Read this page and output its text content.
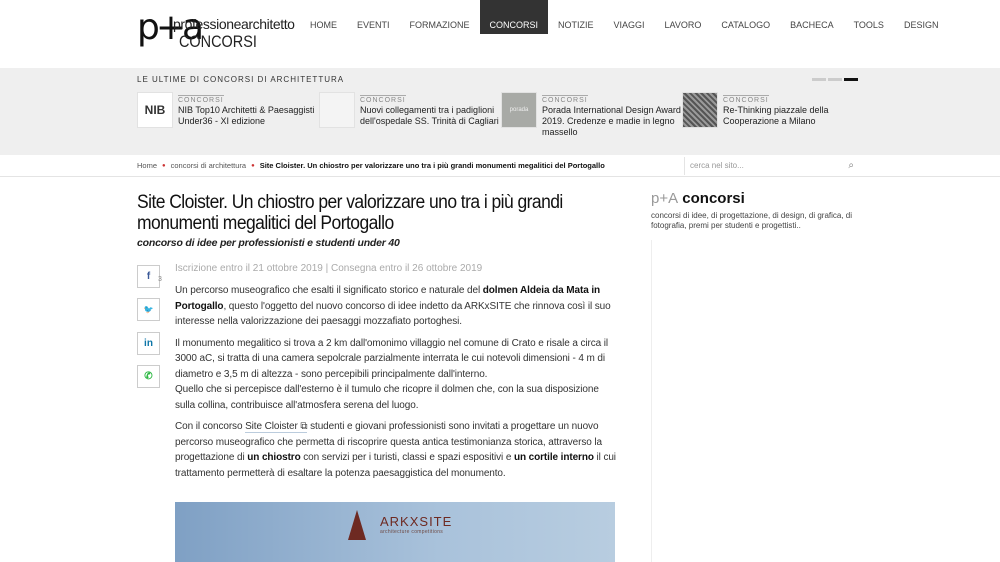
p+a
professionearchitetto
CONCORSI
HOME	EVENTI	FORMAZIONE	CONCORSI	NOTIZIE	VIAGGI	LAVORO	CATALOGO	BACHECA	TOOLS	DESIGN
LE ULTIME DI CONCORSI DI ARCHITETTURA
NIB
CONCORSI
NIB Top10 Architetti & Paesaggisti Under36 - XI edizione
CONCORSI
Nuovi collegamenti tra i padiglioni dell'ospedale SS. Trinità di Cagliari
porada
CONCORSI
Porada International Design Award 2019. Credenze e madie in legno massello
CONCORSI
Re-Thinking piazzale della Cooperazione a Milano
Home ● concorsi di architettura ● Site Cloister. Un chiostro per valorizzare uno tra i più grandi monumenti megalitici del Portogallo	cerca nel sito...	⌕
Site Cloister. Un chiostro per valorizzare uno tra i più grandi monumenti megalitici del Portogallo
concorso di idee per professionisti e studenti under 40
f 3
🐦
in
✆
Iscrizione entro il 21 ottobre 2019 | Consegna entro il 26 ottobre 2019

Un percorso museografico che esalti il significato storico e naturale del dolmen Aldeia da Mata in Portogallo, questo l'oggetto del nuovo concorso di idee indetto da ARKxSITE che rinnova così il suo interesse nella valorizzazione dei paesaggi mozzafiato portoghesi.

Il monumento megalitico si trova a 2 km dall'omonimo villaggio nel comune di Crato e risale a circa il 3000 aC, si tratta di una camera sepolcrale parzialmente interrata le cui notevoli dimensioni - 4 m di diametro e 3,5 m di altezza - sono percepibili principalmente dall'interno.
Quello che si percepisce dall'esterno è il tumulo che ricopre il dolmen che, con la sua disposizione sulla collina, contribuisce all'atmosfera serena del luogo.

Con il concorso Site Cloister ⧉ studenti e giovani professionisti sono invitati a progettare un nuovo percorso museografico che permetta di riscoprire questa antica testimonianza storica, attraverso la progettazione di un chiostro con servizi per i turisti, classi e spazi espositivi e un cortile interno il cui trattamento permetterà di esaltare la potenza paesaggistica del monumento.

ARKXSITE
architecture competitions
p+A concorsi
concorsi di idee, di progettazione, di design, di grafica, di fotografia, premi per studenti e progettisti..
